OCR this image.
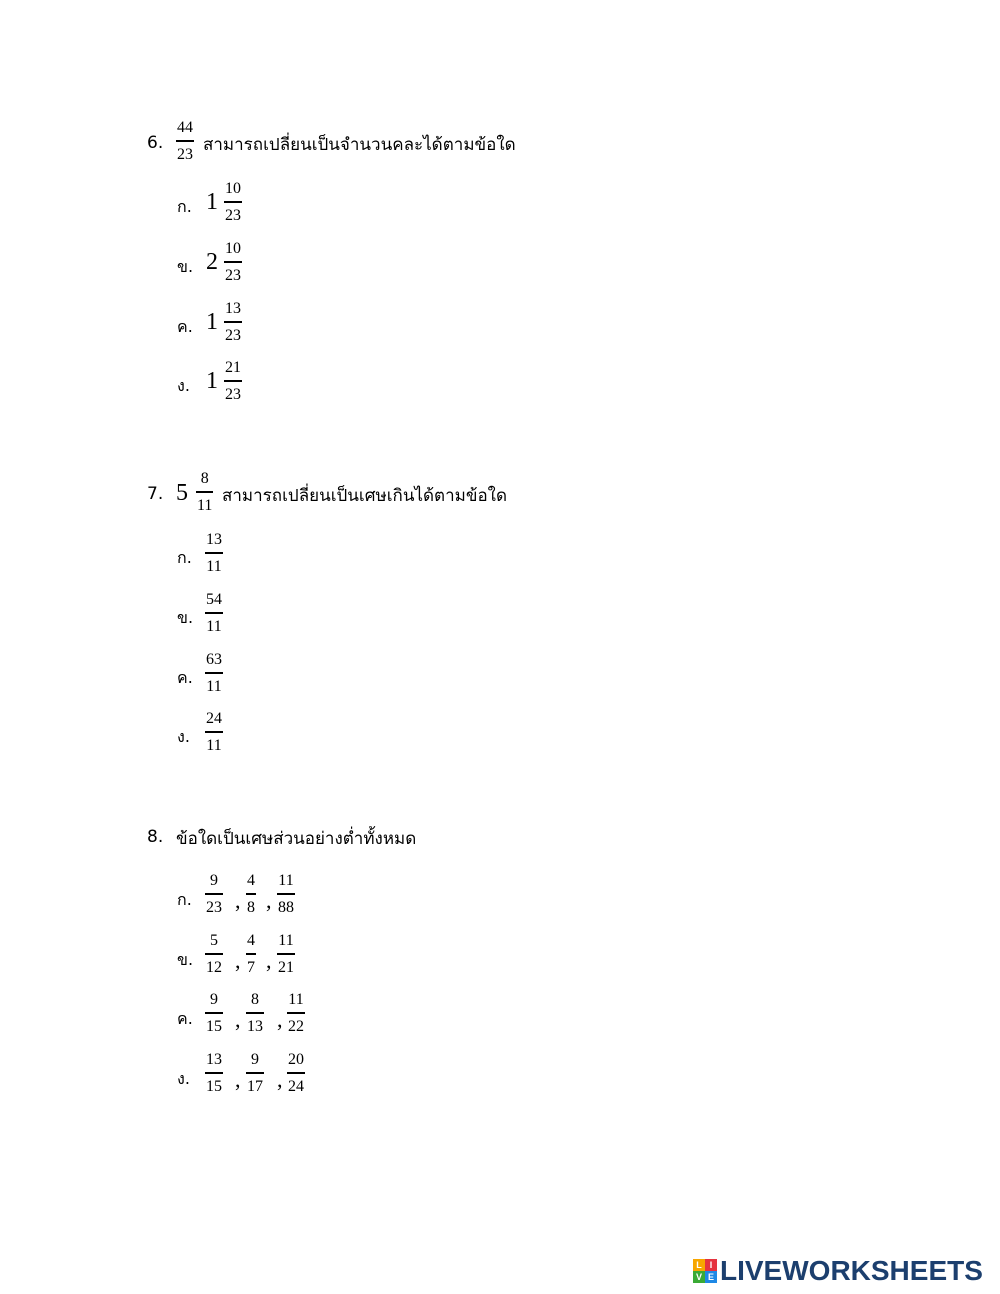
6.
44
23 สามารถเปลี่ยนเป็นจำนวนคละได้ตามข้อใด
ก. 1
10
23
ข. 2
10
23
ค. 1
13
23
ง. 1
21
23
7. 5
8
11 สามารถเปลี่ยนเป็นเศษเกินได้ตามข้อใด
ก.
13
11
ข.
54
11
ค.
63
11
ง.
24
11
8. ข้อใดเป็นเศษส่วนอย่างต่ำทั้งหมด
ก.
9
23 ,
4
8 ,
11
88
ข.
5
12 ,
4
7 ,
11
21
ค.
9
15 ,
8
13 ,
11
22
ง.
13
15 ,
9
17 ,
20
24
L I
V E LIVEWORKSHEETS
